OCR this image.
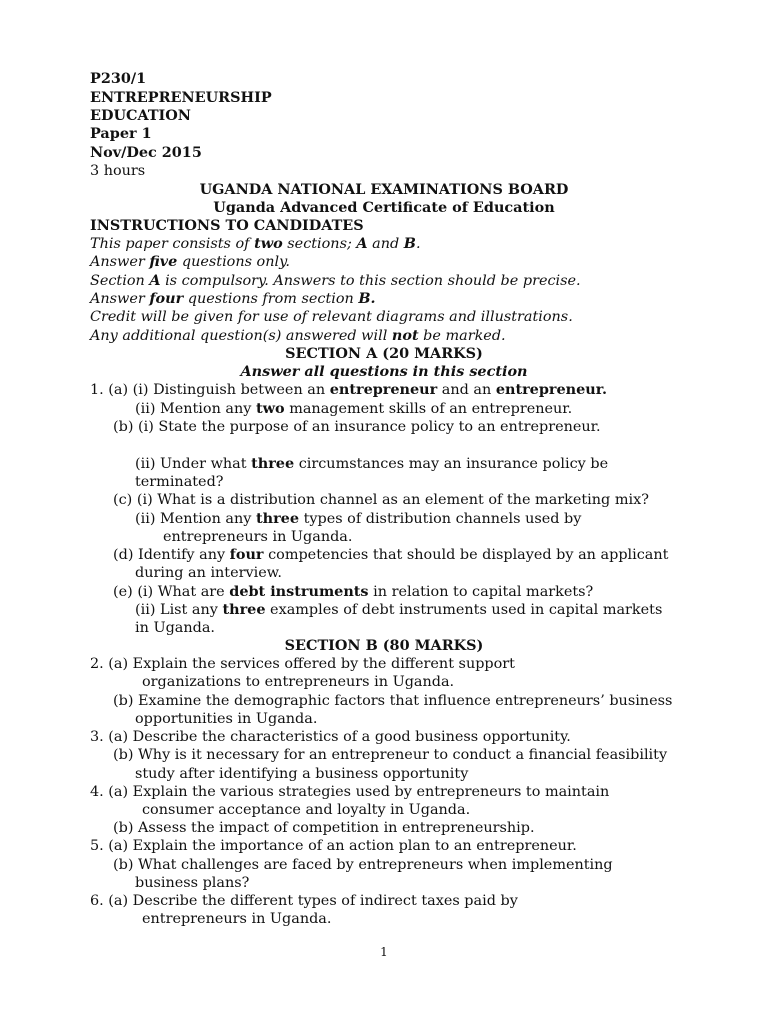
P230/1
ENTREPRENEURSHIP
EDUCATION
Paper 1
Nov/Dec 2015
3 hours
UGANDA NATIONAL EXAMINATIONS BOARD
Uganda Advanced Certificate of Education
INSTRUCTIONS TO CANDIDATES
This paper consists of two sections; A and B.
Answer five questions only.
Section A is compulsory. Answers to this section should be precise.
Answer four questions from section B.
Credit will be given for use of relevant diagrams and illustrations.
Any additional question(s) answered will not be marked.
SECTION A (20 MARKS)
Answer all questions in this section
1. (a) (i) Distinguish between an entrepreneur and an entrepreneur.
(ii) Mention any two management skills of an entrepreneur.
(b) (i) State the purpose of an insurance policy to an entrepreneur.
(ii) Under what three circumstances may an insurance policy be
terminated?
(c) (i) What is a distribution channel as an element of the marketing mix?
(ii) Mention any three types of distribution channels used by
entrepreneurs in Uganda.
(d) Identify any four competencies that should be displayed by an applicant
during an interview.
(e) (i) What are debt instruments in relation to capital markets?
(ii) List any three examples of debt instruments used in capital markets
in Uganda.
SECTION B (80 MARKS)
2. (a) Explain the services offered by the different support
organizations to entrepreneurs in Uganda.
(b) Examine the demographic factors that influence entrepreneurs’ business
opportunities in Uganda.
3. (a) Describe the characteristics of a good business opportunity.
(b) Why is it necessary for an entrepreneur to conduct a financial feasibility
study after identifying a business opportunity
4. (a) Explain the various strategies used by entrepreneurs to maintain
consumer acceptance and loyalty in Uganda.
(b) Assess the impact of competition in entrepreneurship.
5. (a) Explain the importance of an action plan to an entrepreneur.
(b) What challenges are faced by entrepreneurs when implementing
business plans?
6. (a) Describe the different types of indirect taxes paid by
entrepreneurs in Uganda.
1
